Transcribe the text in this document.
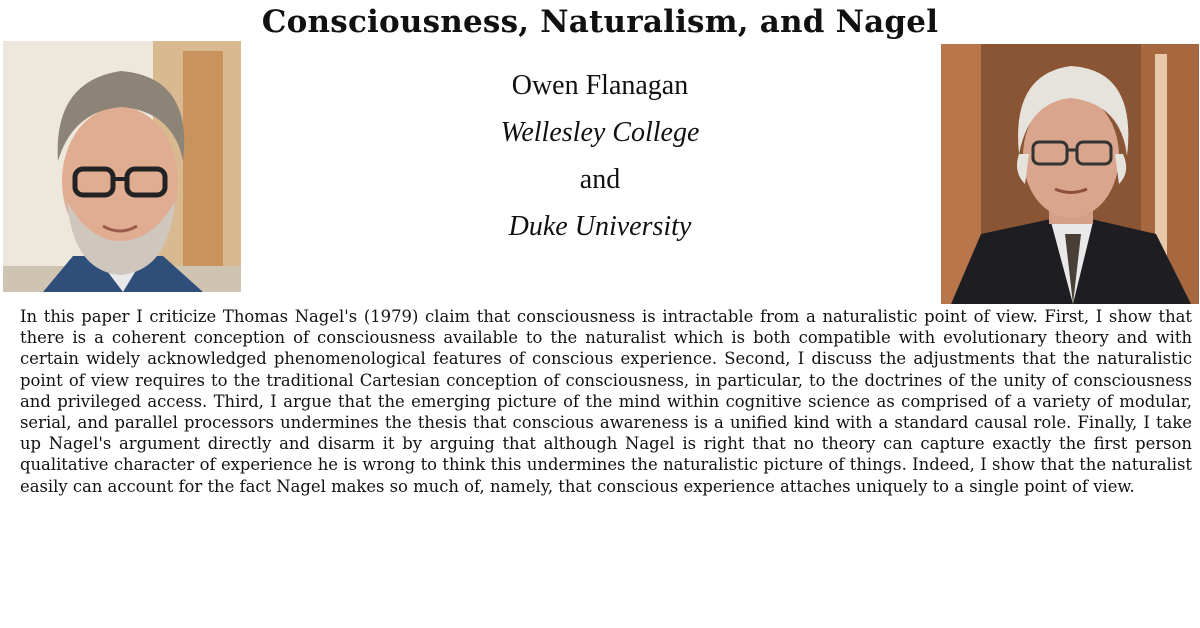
Consciousness, Naturalism, and Nagel
Owen Flanagan
Wellesley College
and
Duke University
In this paper I criticize Thomas Nagel's (1979) claim that consciousness is intractable from a naturalistic point of view. First, I show that there is a coherent conception of consciousness available to the naturalist which is both compatible with evolutionary theory and with certain widely acknowledged phenomenological features of conscious experience. Second, I discuss the adjustments that the naturalistic point of view requires to the traditional Cartesian conception of consciousness, in particular, to the doctrines of the unity of consciousness and privileged access. Third, I argue that the emerging picture of the mind within cognitive science as comprised of a variety of modular, serial, and parallel processors undermines the thesis that conscious awareness is a unified kind with a standard causal role. Finally, I take up Nagel's argument directly and disarm it by arguing that although Nagel is right that no theory can capture exactly the first person qualitative character of experience he is wrong to think this undermines the naturalistic picture of things. Indeed, I show that the naturalist easily can account for the fact Nagel makes so much of, namely, that conscious experience attaches uniquely to a single point of view.
